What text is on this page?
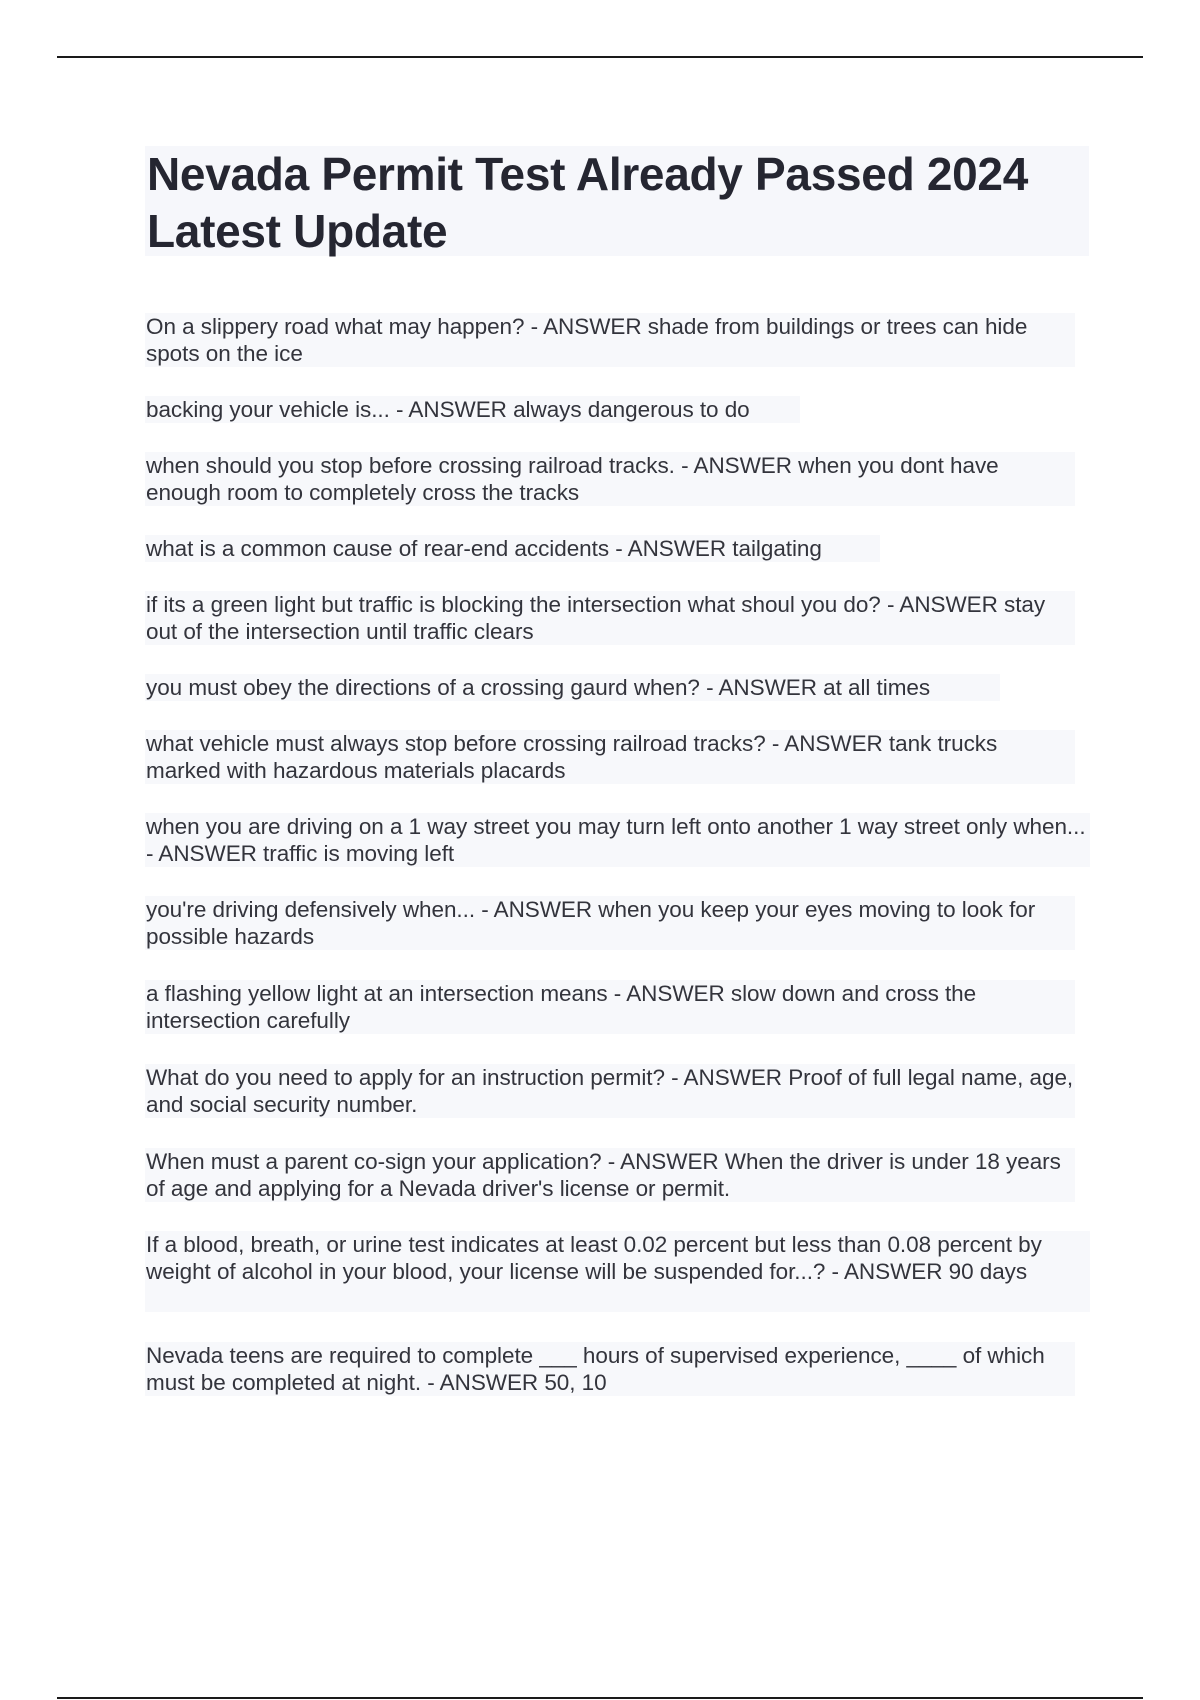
Nevada Permit Test Already Passed 2024 Latest Update
On a slippery road what may happen? - ANSWER shade from buildings or trees can hide spots on the ice
backing your vehicle is... - ANSWER always dangerous to do
when should you stop before crossing railroad tracks. - ANSWER when you dont have enough room to completely cross the tracks
what is a common cause of rear-end accidents - ANSWER tailgating
if its a green light but traffic is blocking the intersection what shoul you do? - ANSWER stay out of the intersection until traffic clears
you must obey the directions of a crossing gaurd when? - ANSWER at all times
what vehicle must always stop before crossing railroad tracks? - ANSWER tank trucks marked with hazardous materials placards
when you are driving on a 1 way street you may turn left onto another 1 way street only when... - ANSWER traffic is moving left
you're driving defensively when... - ANSWER when you keep your eyes moving to look for possible hazards
a flashing yellow light at an intersection means - ANSWER slow down and cross the intersection carefully
What do you need to apply for an instruction permit? - ANSWER Proof of full legal name, age, and social security number.
When must a parent co-sign your application? - ANSWER When the driver is under 18 years of age and applying for a Nevada driver's license or permit.
If a blood, breath, or urine test indicates at least 0.02 percent but less than 0.08 percent by weight of alcohol in your blood, your license will be suspended for...? - ANSWER 90 days
Nevada teens are required to complete ___ hours of supervised experience, ____ of which must be completed at night. - ANSWER 50, 10
